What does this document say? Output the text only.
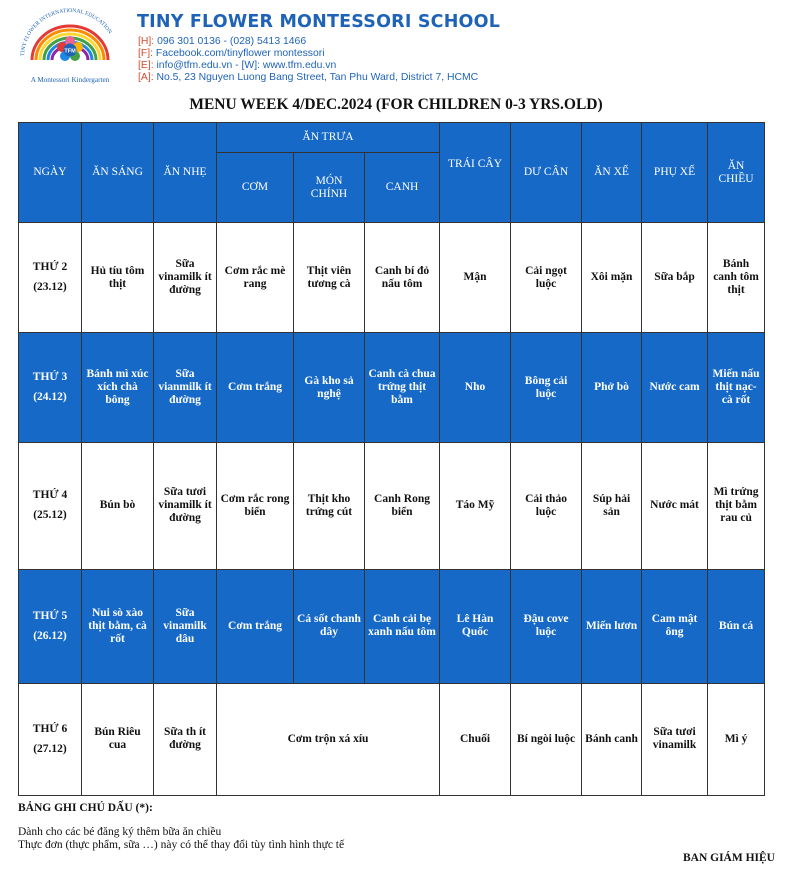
TINY FLOWER INTERNATIONAL EDUCATION
TFM
A Montessori Kindergarten
TINY FLOWER MONTESSORI SCHOOL
[H]: 096 301 0136 - (028) 5413 1466
[F]: Facebook.com/tinyflower montessori
[E]: info@tfm.edu.vn - [W]: www.tfm.edu.vn
[A]: No.5, 23 Nguyen Luong Bang Street, Tan Phu Ward, District 7, HCMC
MENU WEEK 4/DEC.2024 (FOR CHILDREN 0-3 YRS.OLD)
NGÀY	ĂN SÁNG	ĂN NHẸ	ĂN TRƯA			TRÁI CÂY	DƯ CÂN	ĂN XẾ	PHỤ XẾ	ĂN CHIỀU
			CƠM	MÓN CHÍNH	CANH					

THỨ 2
(23.12)	Hủ tíu tôm thịt	Sữa vinamilk ít đường	Cơm rắc mè rang	Thịt viên tương cà	Canh bí đỏ nấu tôm	Mận	Cải ngọt luộc	Xôi mặn	Sữa bắp	Bánh canh tôm thịt

THỨ 3
(24.12)	Bánh mì xúc xích chà bông	Sữa vianmilk ít đường	Cơm trắng	Gà kho sả nghệ	Canh cà chua trứng thịt bằm	Nho	Bông cải luộc	Phở bò	Nước cam	Miến nấu thịt nạc-cà rốt

THỨ 4
(25.12)	Bún bò	Sữa tươi vinamilk ít đường	Cơm rắc rong biển	Thịt kho trứng cút	Canh Rong biển	Táo Mỹ	Cải thảo luộc	Súp hải sản	Nước mát	Mì trứng thịt bằm rau củ

THỨ 5
(26.12)	Nui sò xào thịt bằm, cà rốt	Sữa vinamilk dâu	Cơm trắng	Cá sốt chanh dây	Canh cải bẹ xanh nấu tôm	Lê Hàn Quốc	Đậu cove luộc	Miến lươn	Cam mật ông	Bún cá

THỨ 6
(27.12)	Bún Riêu cua	Sữa th ít đường	Cơm trộn xá xíu			Chuối	Bí ngòi luộc	Bánh canh	Sữa tươi vinamilk	Mì ý
BẢNG GHI CHÚ DẤU (*):
Dành cho các bé đăng ký thêm bữa ăn chiều
Thực đơn (thực phẩm, sữa …) này có thể thay đổi tùy tình hình thực tế
BAN GIÁM HIỆU
